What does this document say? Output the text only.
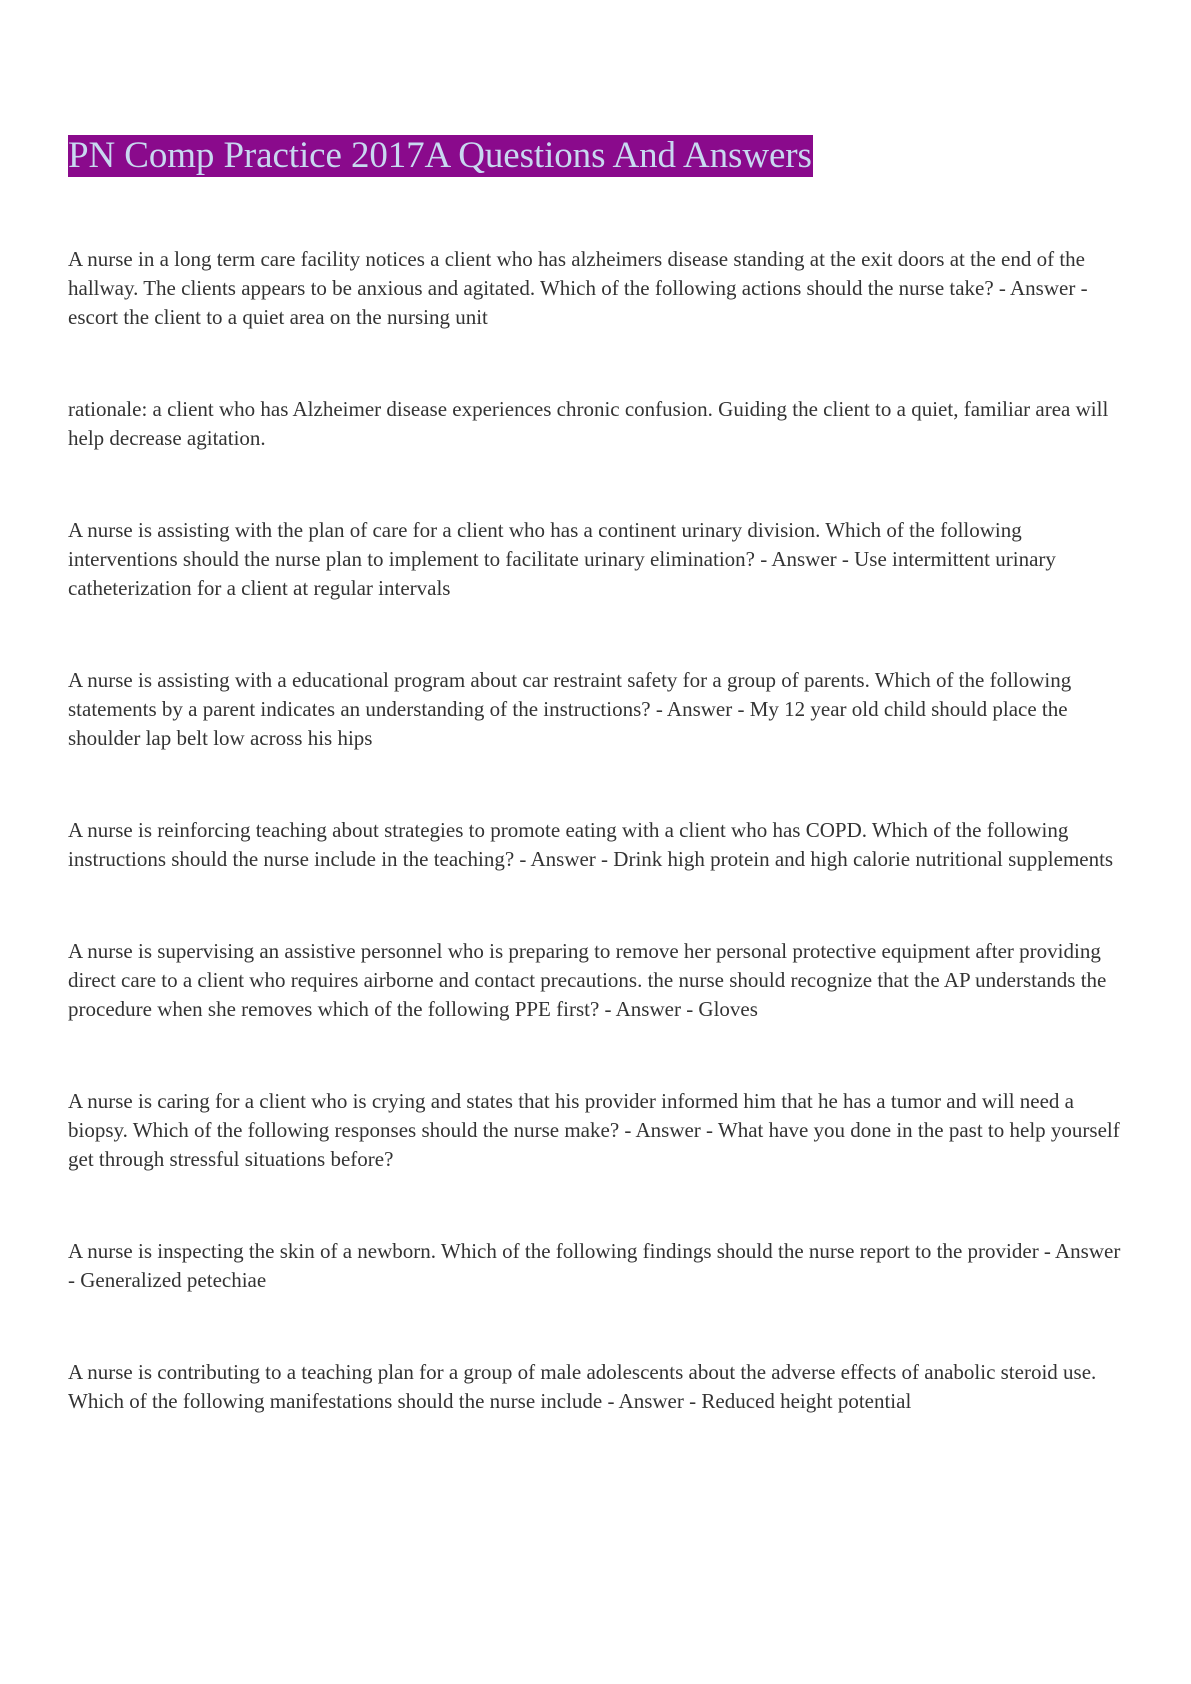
PN Comp Practice 2017A Questions And Answers

A nurse in a long term care facility notices a client who has alzheimers disease standing at the exit doors at the end of the hallway. The clients appears to be anxious and agitated. Which of the following actions should the nurse take? - Answer - escort the client to a quiet area on the nursing unit

rationale: a client who has Alzheimer disease experiences chronic confusion. Guiding the client to a quiet, familiar area will help decrease agitation.

A nurse is assisting with the plan of care for a client who has a continent urinary division. Which of the following interventions should the nurse plan to implement to facilitate urinary elimination? - Answer - Use intermittent urinary catheterization for a client at regular intervals

A nurse is assisting with a educational program about car restraint safety for a group of parents. Which of the following statements by a parent indicates an understanding of the instructions? - Answer - My 12 year old child should place the shoulder lap belt low across his hips

A nurse is reinforcing teaching about strategies to promote eating with a client who has COPD. Which of the following instructions should the nurse include in the teaching? - Answer - Drink high protein and high calorie nutritional supplements

A nurse is supervising an assistive personnel who is preparing to remove her personal protective equipment after providing direct care to a client who requires airborne and contact precautions. the nurse should recognize that the AP understands the procedure when she removes which of the following PPE first? - Answer - Gloves

A nurse is caring for a client who is crying and states that his provider informed him that he has a tumor and will need a biopsy. Which of the following responses should the nurse make? - Answer - What have you done in the past to help yourself get through stressful situations before?

A nurse is inspecting the skin of a newborn. Which of the following findings should the nurse report to the provider - Answer - Generalized petechiae

A nurse is contributing to a teaching plan for a group of male adolescents about the adverse effects of anabolic steroid use. Which of the following manifestations should the nurse include - Answer - Reduced height potential
